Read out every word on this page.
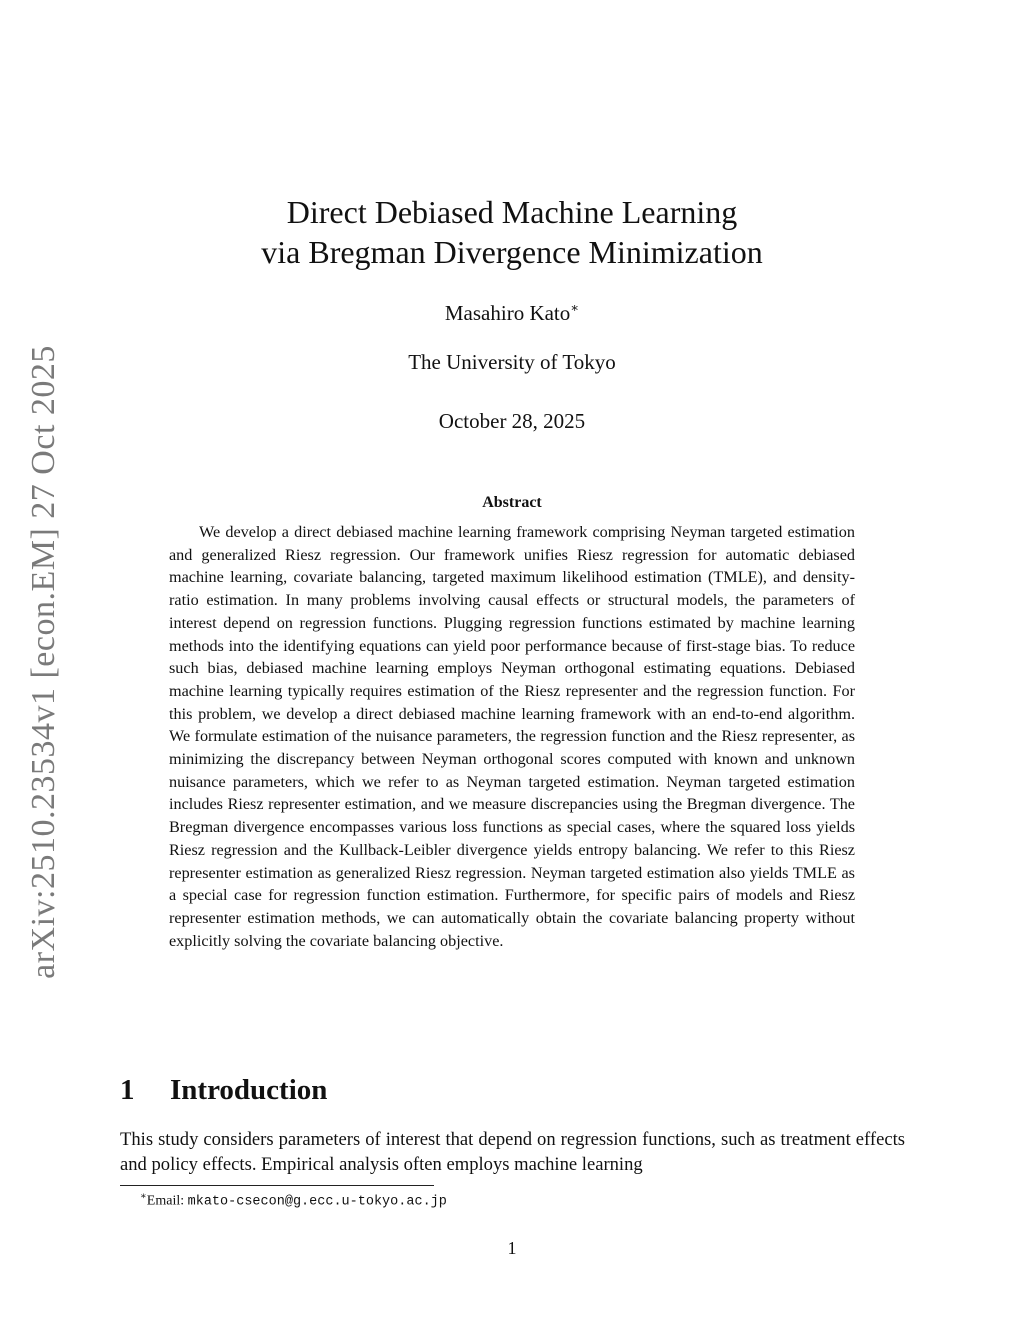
arXiv:2510.23534v1 [econ.EM] 27 Oct 2025
Direct Debiased Machine Learning
via Bregman Divergence Minimization
Masahiro Kato∗
The University of Tokyo
October 28, 2025
Abstract

We develop a direct debiased machine learning framework comprising Neyman targeted estimation and generalized Riesz regression. Our framework unifies Riesz regression for automatic debiased machine learning, covariate balancing, targeted maximum likelihood estimation (TMLE), and density-ratio estimation. In many problems involving causal effects or structural models, the parameters of interest depend on regression functions. Plugging regression functions estimated by machine learning methods into the identifying equations can yield poor performance because of first-stage bias. To reduce such bias, debiased machine learning employs Neyman orthogonal estimating equations. Debiased machine learning typically requires estimation of the Riesz representer and the regression function. For this problem, we develop a direct debiased machine learning framework with an end-to-end algorithm. We formulate estimation of the nuisance parameters, the regression function and the Riesz representer, as minimizing the discrepancy between Neyman orthogonal scores computed with known and unknown nuisance parameters, which we refer to as Neyman targeted estimation. Neyman targeted estimation includes Riesz representer estimation, and we measure discrepancies using the Bregman divergence. The Bregman divergence encompasses various loss functions as special cases, where the squared loss yields Riesz regression and the Kullback-Leibler divergence yields entropy balancing. We refer to this Riesz representer estimation as generalized Riesz regression. Neyman targeted estimation also yields TMLE as a special case for regression function estimation. Furthermore, for specific pairs of models and Riesz representer estimation methods, we can automatically obtain the covariate balancing property without explicitly solving the covariate balancing objective.

1 Introduction

This study considers parameters of interest that depend on regression functions, such as treatment effects and policy effects. Empirical analysis often employs machine learning

∗Email: mkato-csecon@g.ecc.u-tokyo.ac.jp
1
